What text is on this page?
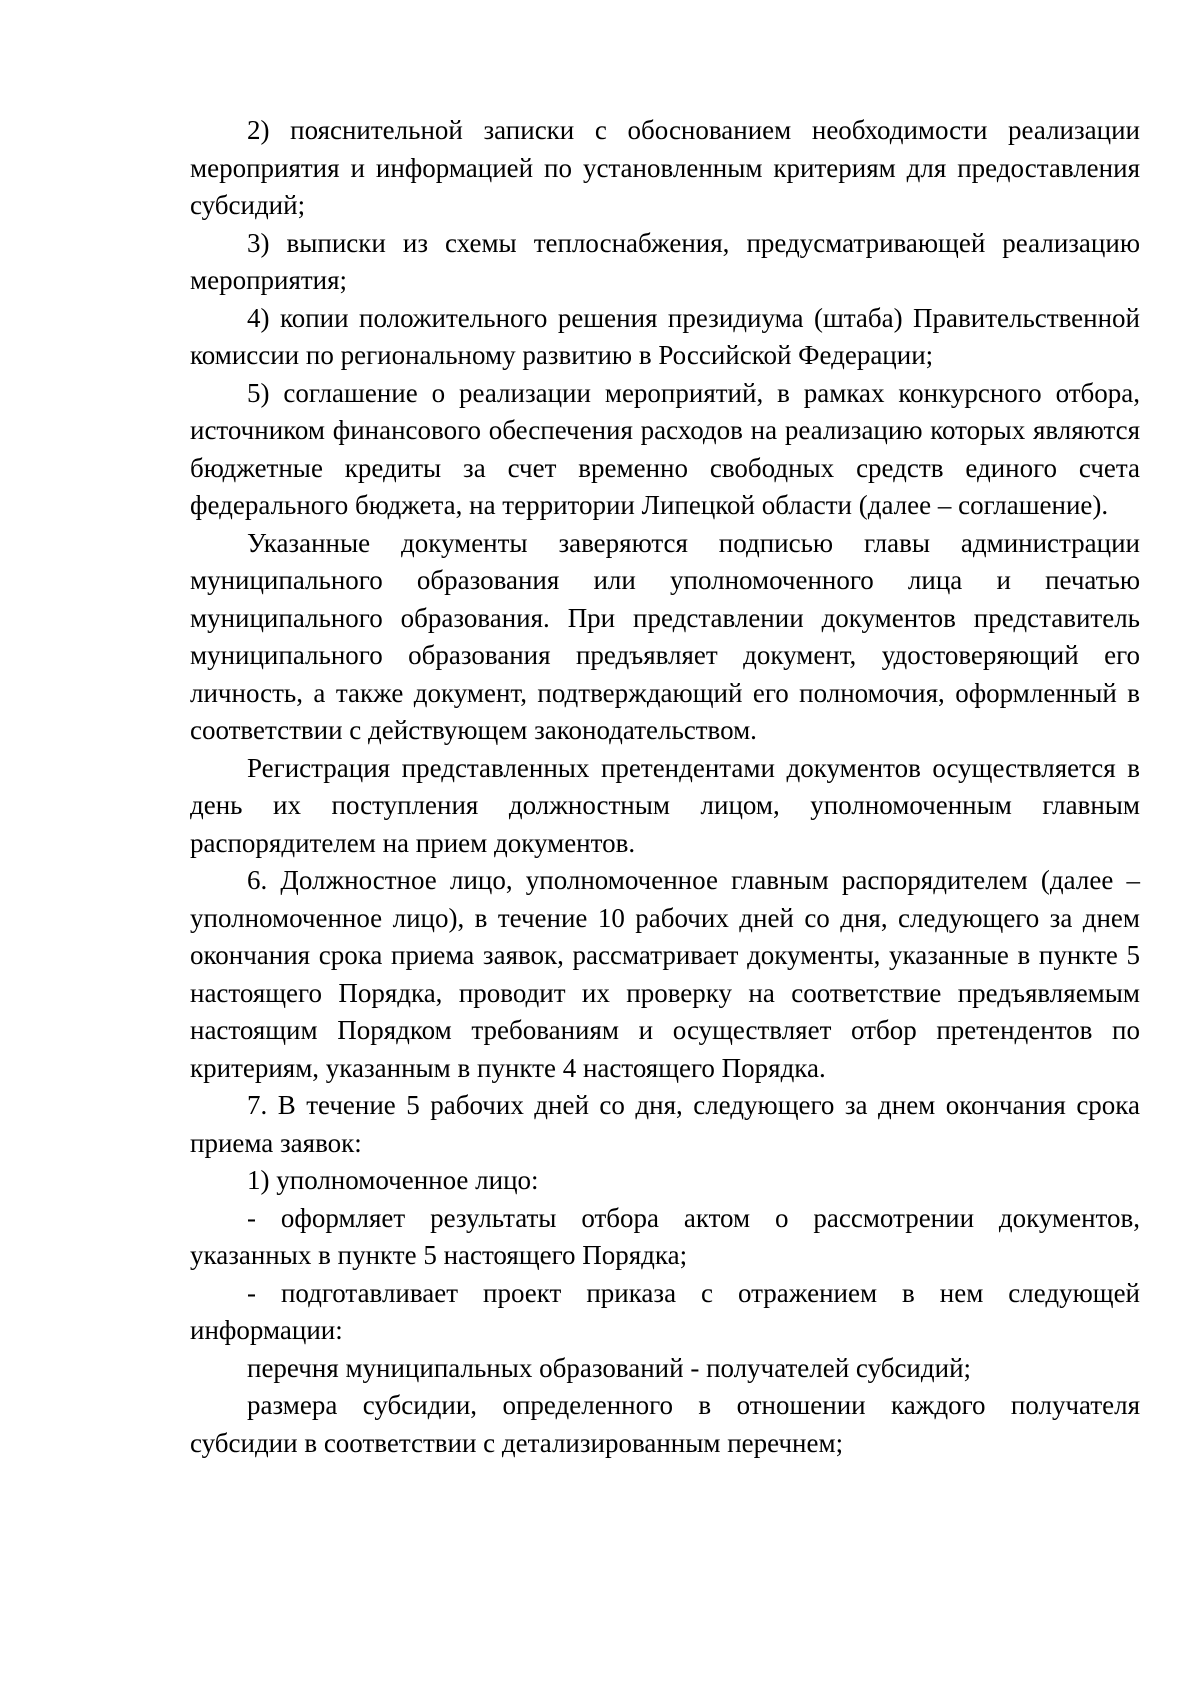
2) пояснительной записки с обоснованием необходимости реализации мероприятия и информацией по установленным критериям для предоставления субсидий;

3) выписки из схемы теплоснабжения, предусматривающей реализацию мероприятия;

4) копии положительного решения президиума (штаба) Правительственной комиссии по региональному развитию в Российской Федерации;

5) соглашение о реализации мероприятий, в рамках конкурсного отбора, источником финансового обеспечения расходов на реализацию которых являются бюджетные кредиты за счет временно свободных средств единого счета федерального бюджета, на территории Липецкой области (далее – соглашение).

Указанные документы заверяются подписью главы администрации муниципального образования или уполномоченного лица и печатью муниципального образования. При представлении документов представитель муниципального образования предъявляет документ, удостоверяющий его личность, а также документ, подтверждающий его полномочия, оформленный в соответствии с действующем законодательством.

Регистрация представленных претендентами документов осуществляется в день их поступления должностным лицом, уполномоченным главным распорядителем на прием документов.

6. Должностное лицо, уполномоченное главным распорядителем (далее – уполномоченное лицо), в течение 10 рабочих дней со дня, следующего за днем окончания срока приема заявок, рассматривает документы, указанные в пункте 5 настоящего Порядка, проводит их проверку на соответствие предъявляемым настоящим Порядком требованиям и осуществляет отбор претендентов по критериям, указанным в пункте 4 настоящего Порядка.

7. В течение 5 рабочих дней со дня, следующего за днем окончания срока приема заявок:

1) уполномоченное лицо:

- оформляет результаты отбора актом о рассмотрении документов, указанных в пункте 5 настоящего Порядка;

- подготавливает проект приказа с отражением в нем следующей информации:

перечня муниципальных образований - получателей субсидий;

размера субсидии, определенного в отношении каждого получателя субсидии в соответствии с детализированным перечнем;
